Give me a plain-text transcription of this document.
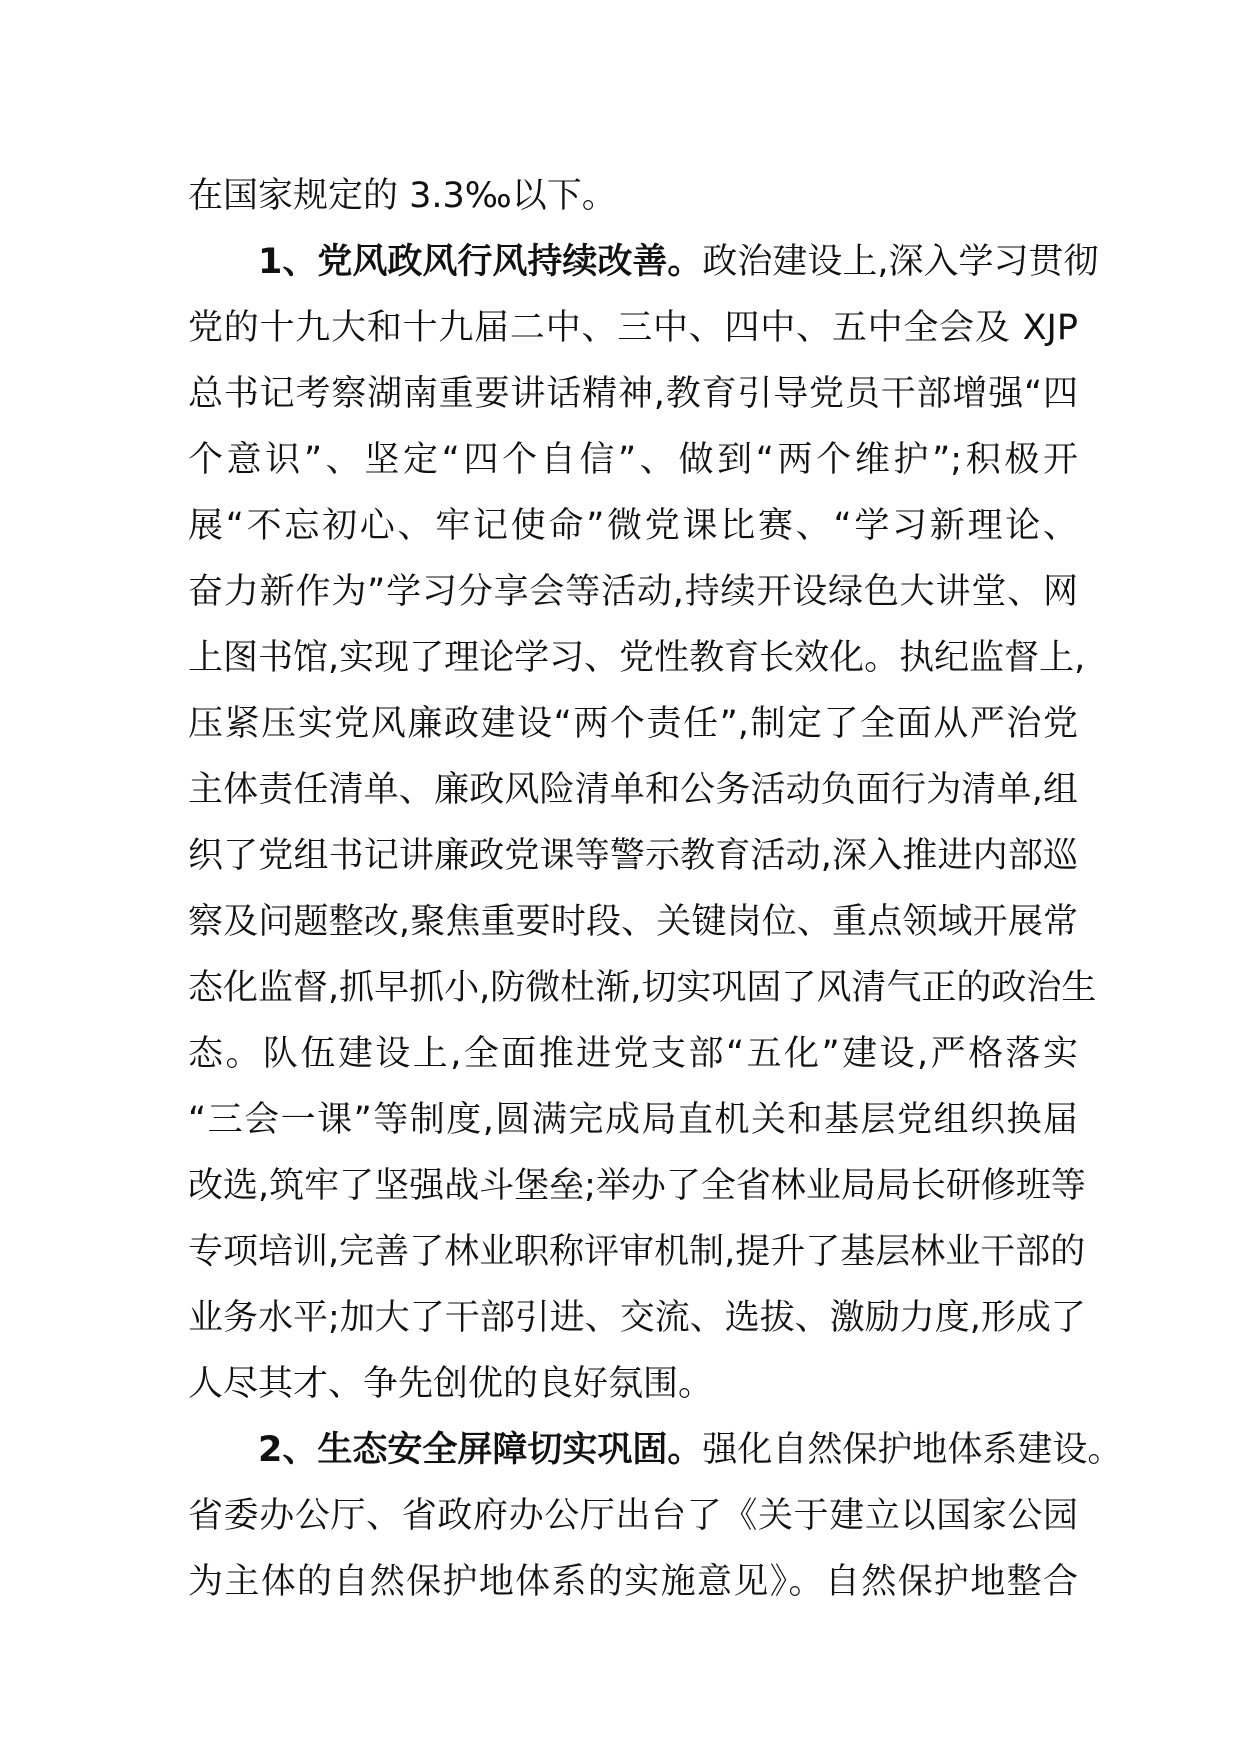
在国家规定的 3.3‰以下。
1、党风政风行风持续改善。政治建设上,深入学习贯彻
党的十九大和十九届二中、三中、四中、五中全会及 XJP
总书记考察湖南重要讲话精神,教育引导党员干部增强“四
个意识”、坚定“四个自信”、做到“两个维护”;积极开
展“不忘初心、牢记使命”微党课比赛、“学习新理论、
奋力新作为”学习分享会等活动,持续开设绿色大讲堂、网
上图书馆,实现了理论学习、党性教育长效化。执纪监督上,
压紧压实党风廉政建设“两个责任”,制定了全面从严治党
主体责任清单、廉政风险清单和公务活动负面行为清单,组
织了党组书记讲廉政党课等警示教育活动,深入推进内部巡
察及问题整改,聚焦重要时段、关键岗位、重点领域开展常
态化监督,抓早抓小,防微杜渐,切实巩固了风清气正的政治生
态。队伍建设上,全面推进党支部“五化”建设,严格落实
“三会一课”等制度,圆满完成局直机关和基层党组织换届
改选,筑牢了坚强战斗堡垒;举办了全省林业局局长研修班等
专项培训,完善了林业职称评审机制,提升了基层林业干部的
业务水平;加大了干部引进、交流、选拔、激励力度,形成了
人尽其才、争先创优的良好氛围。
2、生态安全屏障切实巩固。强化自然保护地体系建设。
省委办公厅、省政府办公厅出台了《关于建立以国家公园
为主体的自然保护地体系的实施意见》。自然保护地整合
